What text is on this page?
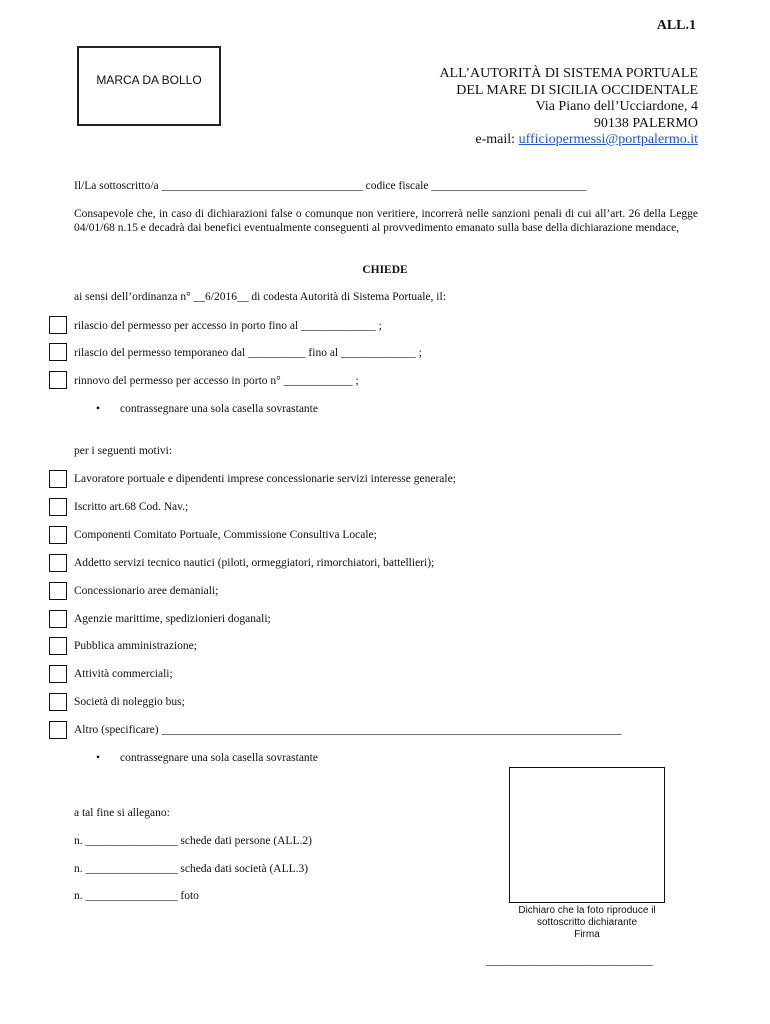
ALL.1
MARCA DA BOLLO	ALL’AUTORITÀ DI SISTEMA PORTUALE
DEL MARE DI SICILIA OCCIDENTALE
Via Piano dell’Ucciardone, 4
90138 PALERMO
e-mail: ufficiopermessi@portpalermo.it
Il/La sottoscritto/a ___________________________________ codice fiscale ___________________________
Consapevole che, in caso di dichiarazioni false o comunque non veritiere, incorrerà nelle sanzioni penali di cui all’art. 26 della Legge 04/01/68 n.15 e decadrà dai benefici eventualmente conseguenti al provvedimento emanato sulla base della dichiarazione mendace,
CHIEDE
ai sensi dell’ordinanza n° __6/2016__ di codesta Autorità di Sistema Portuale, il:
rilascio del permesso per accesso in porto fino al _____________ ;
rilascio del permesso temporaneo dal __________ fino al _____________ ;
rinnovo del permesso per accesso in porto n° ____________ ;
• contrassegnare una sola casella sovrastante
per i seguenti motivi:
Lavoratore portuale e dipendenti imprese concessionarie servizi interesse generale;
Iscritto art.68 Cod. Nav.;
Componenti Comitato Portuale, Commissione Consultiva Locale;
Addetto servizi tecnico nautici (piloti, ormeggiatori, rimorchiatori, battellieri);
Concessionario aree demaniali;
Agenzie marittime, spedizionieri doganali;
Pubblica amministrazione;
Attività commerciali;
Società di noleggio bus;
Altro (specificare) ________________________________________________________________________________
• contrassegnare una sola casella sovrastante
a tal fine si allegano:
n. ________________ schede dati persone (ALL.2)
n. ________________ scheda dati società (ALL.3)
n. ________________ foto
Dichiaro che la foto riproduce il
sottoscritto dichiarante
Firma
_____________________________
